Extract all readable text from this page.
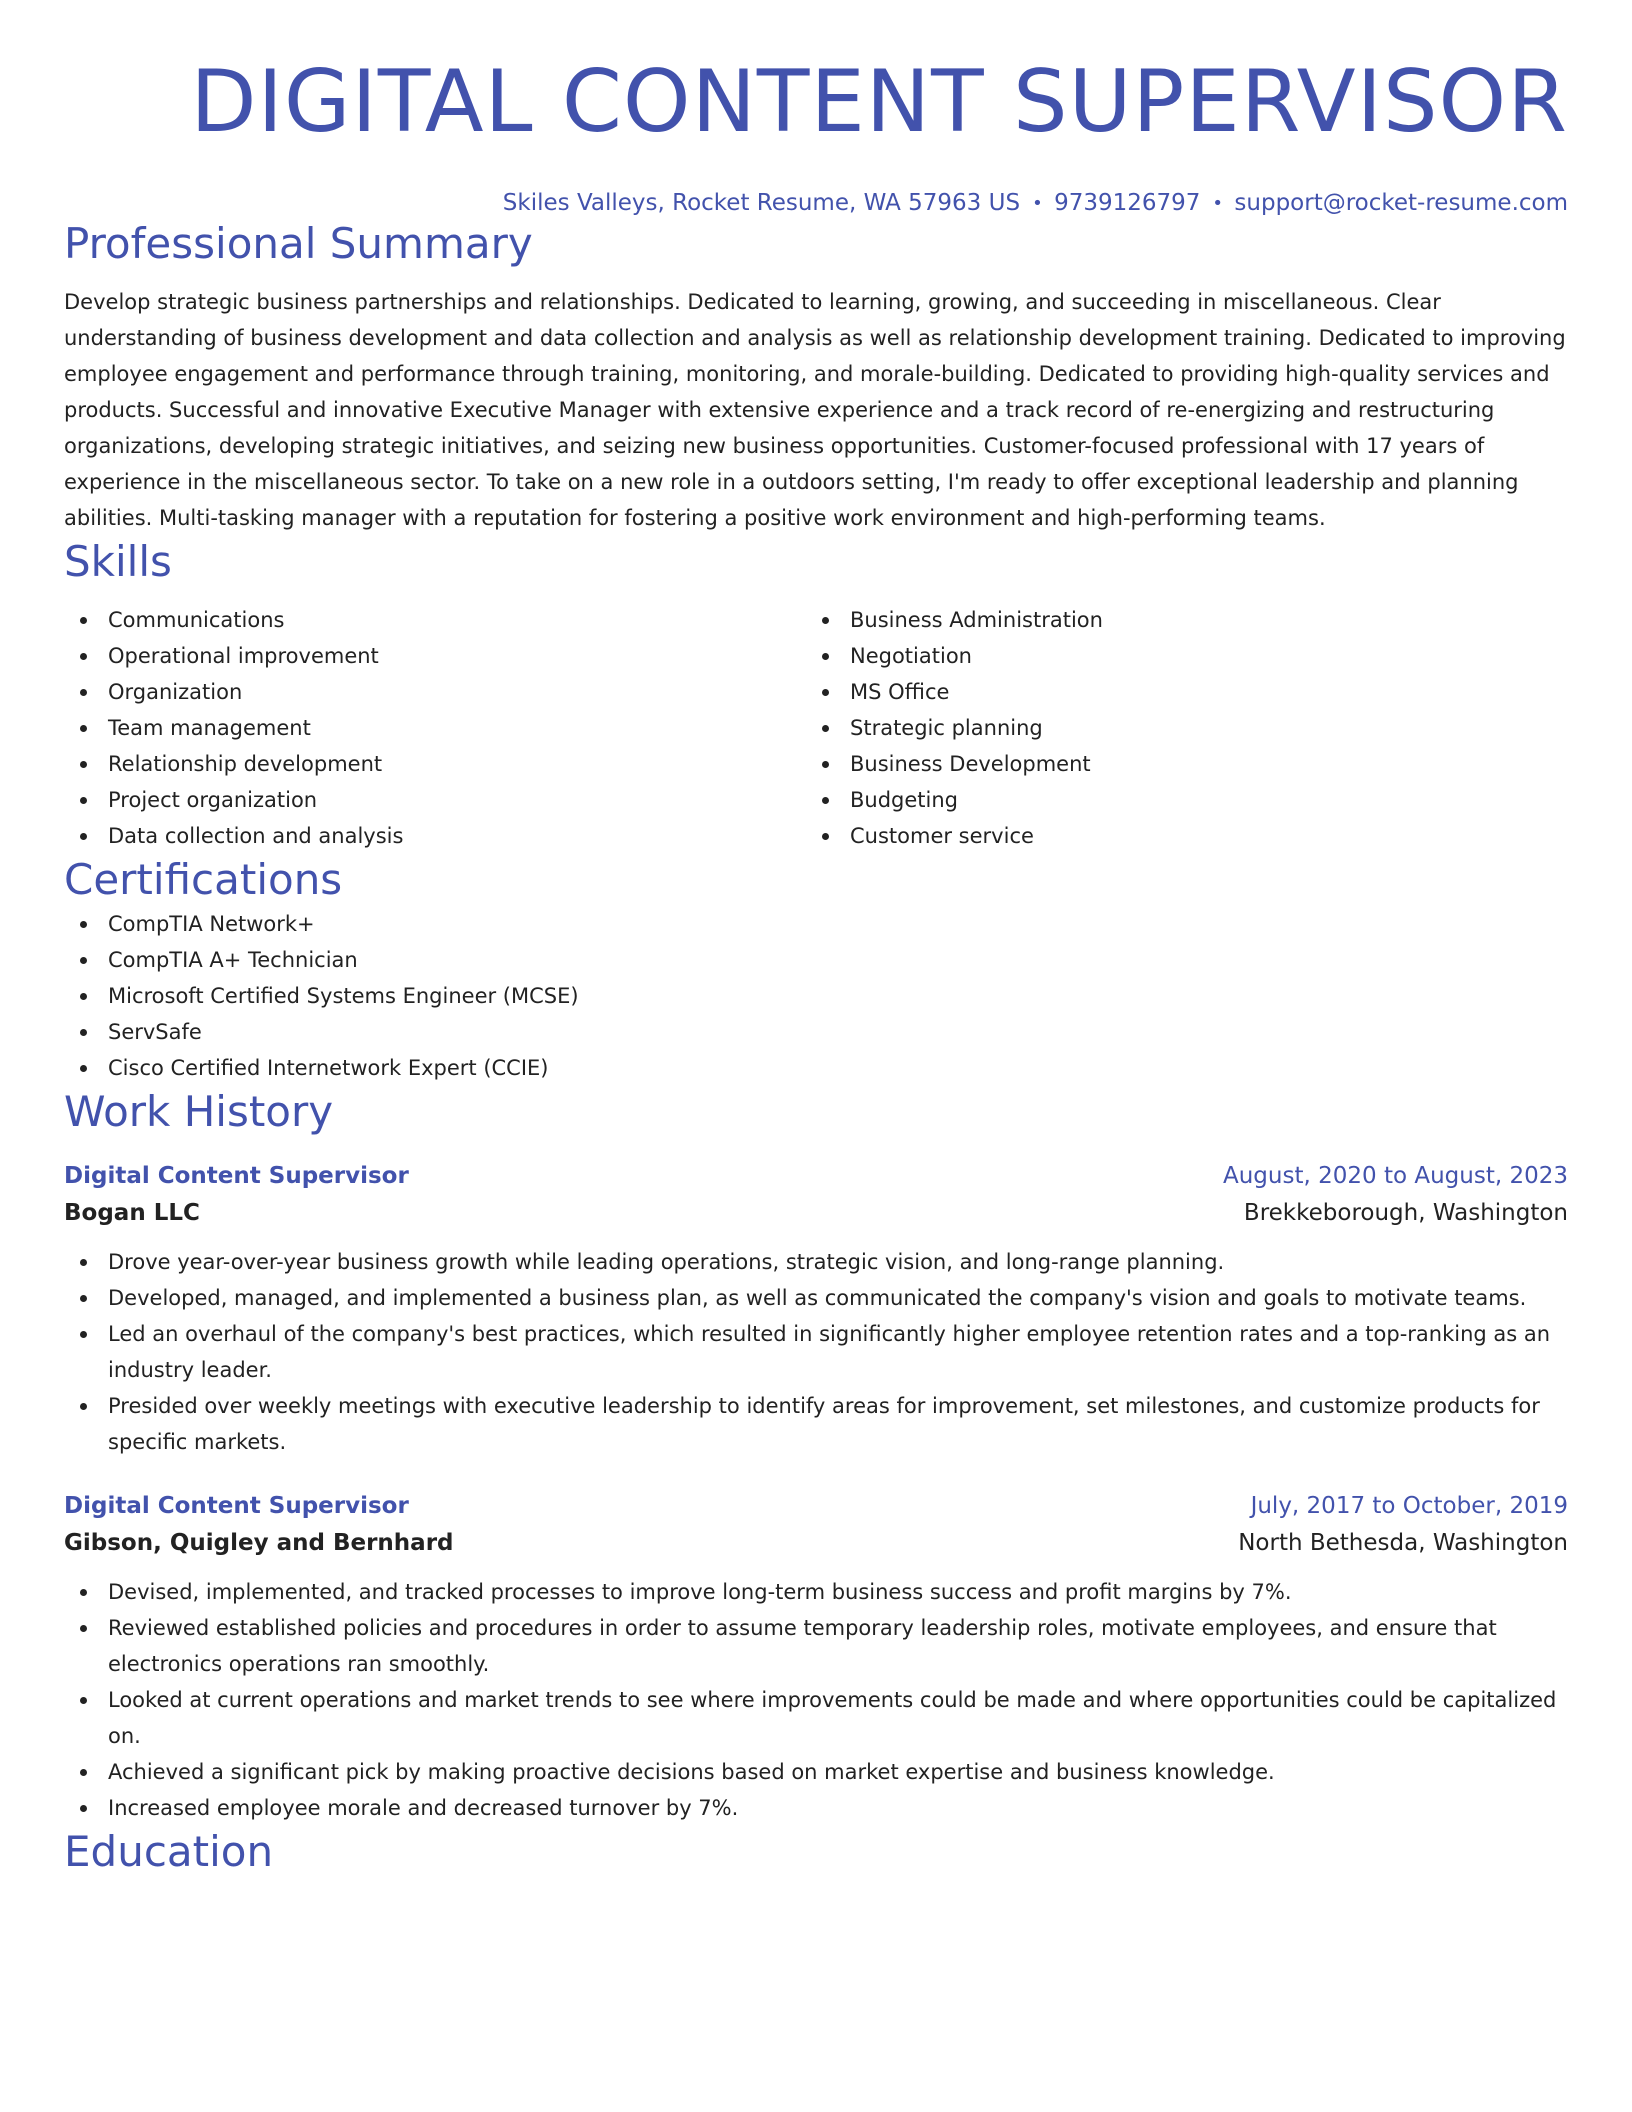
DIGITAL CONTENT SUPERVISOR
Skiles Valleys, Rocket Resume, WA 57963 US • 9739126797 • support@rocket-resume.com
Professional Summary

Develop strategic business partnerships and relationships. Dedicated to learning, growing, and succeeding in miscellaneous. Clear understanding of business development and data collection and analysis as well as relationship development training. Dedicated to improving employee engagement and performance through training, monitoring, and morale-building. Dedicated to providing high-quality services and products. Successful and innovative Executive Manager with extensive experience and a track record of re-energizing and restructuring organizations, developing strategic initiatives, and seizing new business opportunities. Customer-focused professional with 17 years of experience in the miscellaneous sector. To take on a new role in a outdoors setting, I'm ready to offer exceptional leadership and planning abilities. Multi-tasking manager with a reputation for fostering a positive work environment and high-performing teams.

Skills
Communications
Operational improvement
Organization
Team management
Relationship development
Project organization
Data collection and analysis
Business Administration
Negotiation
MS Office
Strategic planning
Business Development
Budgeting
Customer service
Certifications
CompTIA Network+
CompTIA A+ Technician
Microsoft Certified Systems Engineer (MCSE)
ServSafe
Cisco Certified Internetwork Expert (CCIE)
Work History
Digital Content Supervisor	August, 2020 to August, 2023
Bogan LLC	Brekkeborough, Washington
Drove year-over-year business growth while leading operations, strategic vision, and long-range planning.
Developed, managed, and implemented a business plan, as well as communicated the company's vision and goals to motivate teams.
Led an overhaul of the company's best practices, which resulted in significantly higher employee retention rates and a top-ranking as an industry leader.
Presided over weekly meetings with executive leadership to identify areas for improvement, set milestones, and customize products for specific markets.
Digital Content Supervisor	July, 2017 to October, 2019
Gibson, Quigley and Bernhard	North Bethesda, Washington
Devised, implemented, and tracked processes to improve long-term business success and profit margins by 7%.
Reviewed established policies and procedures in order to assume temporary leadership roles, motivate employees, and ensure that electronics operations ran smoothly.
Looked at current operations and market trends to see where improvements could be made and where opportunities could be capitalized on.
Achieved a significant pick by making proactive decisions based on market expertise and business knowledge.
Increased employee morale and decreased turnover by 7%.
Education
